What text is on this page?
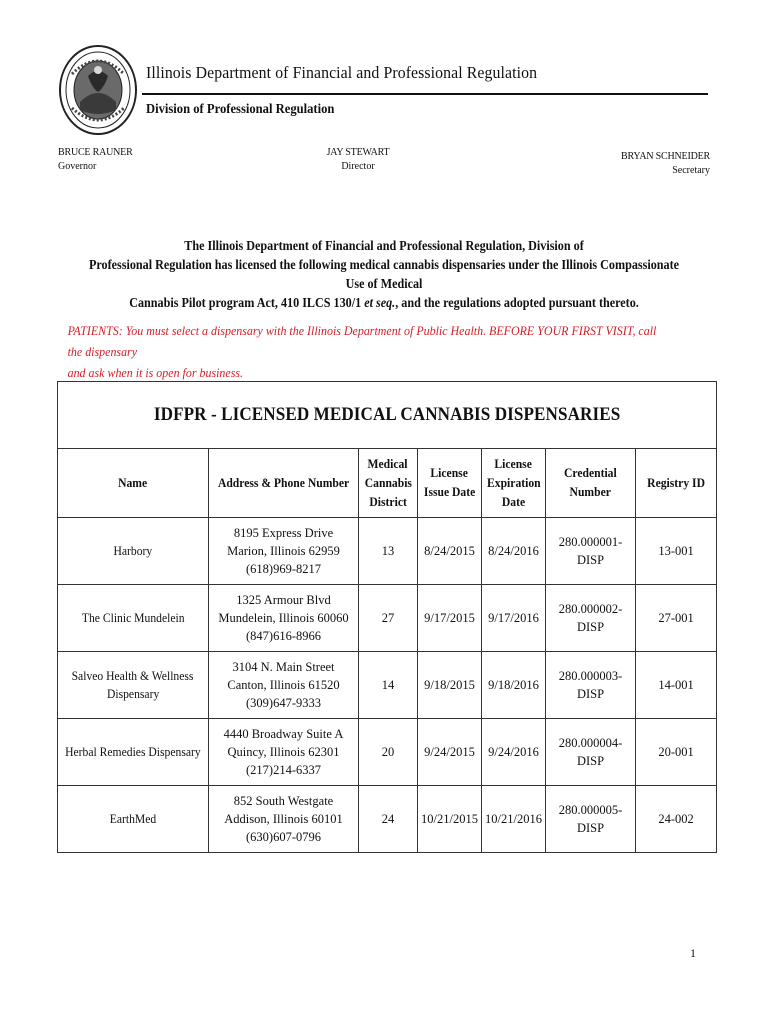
Illinois Department of Financial and Professional Regulation
Division of Professional Regulation
BRUCE RAUNER
Governor
JAY STEWART
Director
BRYAN SCHNEIDER
Secretary
The Illinois Department of Financial and Professional Regulation, Division of
Professional Regulation has licensed the following medical cannabis dispensaries under the Illinois Compassionate Use of Medical
Cannabis Pilot program Act, 410 ILCS 130/1 et seq., and the regulations adopted pursuant thereto.
PATIENTS: You must select a dispensary with the Illinois Department of Public Health. BEFORE YOUR FIRST VISIT, call the dispensary
and ask when it is open for business.
IDFPR - LICENSED MEDICAL CANNABIS DISPENSARIES						
Name	Address & Phone Number	Medical
Cannabis
District	License
Issue Date	License
Expiration
Date	Credential
Number	Registry ID
Harbory	8195 Express Drive
Marion, Illinois 62959
(618)969-8217	13	8/24/2015	8/24/2016	280.000001-DISP	13-001
The Clinic Mundelein	1325 Armour Blvd
Mundelein, Illinois 60060
(847)616-8966	27	9/17/2015	9/17/2016	280.000002-DISP	27-001
Salveo Health & Wellness
Dispensary	3104 N. Main Street
Canton, Illinois 61520
(309)647-9333	14	9/18/2015	9/18/2016	280.000003-DISP	14-001
Herbal Remedies Dispensary	4440 Broadway Suite A
Quincy, Illinois 62301
(217)214-6337	20	9/24/2015	9/24/2016	280.000004-DISP	20-001
EarthMed	852 South Westgate
Addison, Illinois 60101
(630)607-0796	24	10/21/2015	10/21/2016	280.000005-DISP	24-002
1
